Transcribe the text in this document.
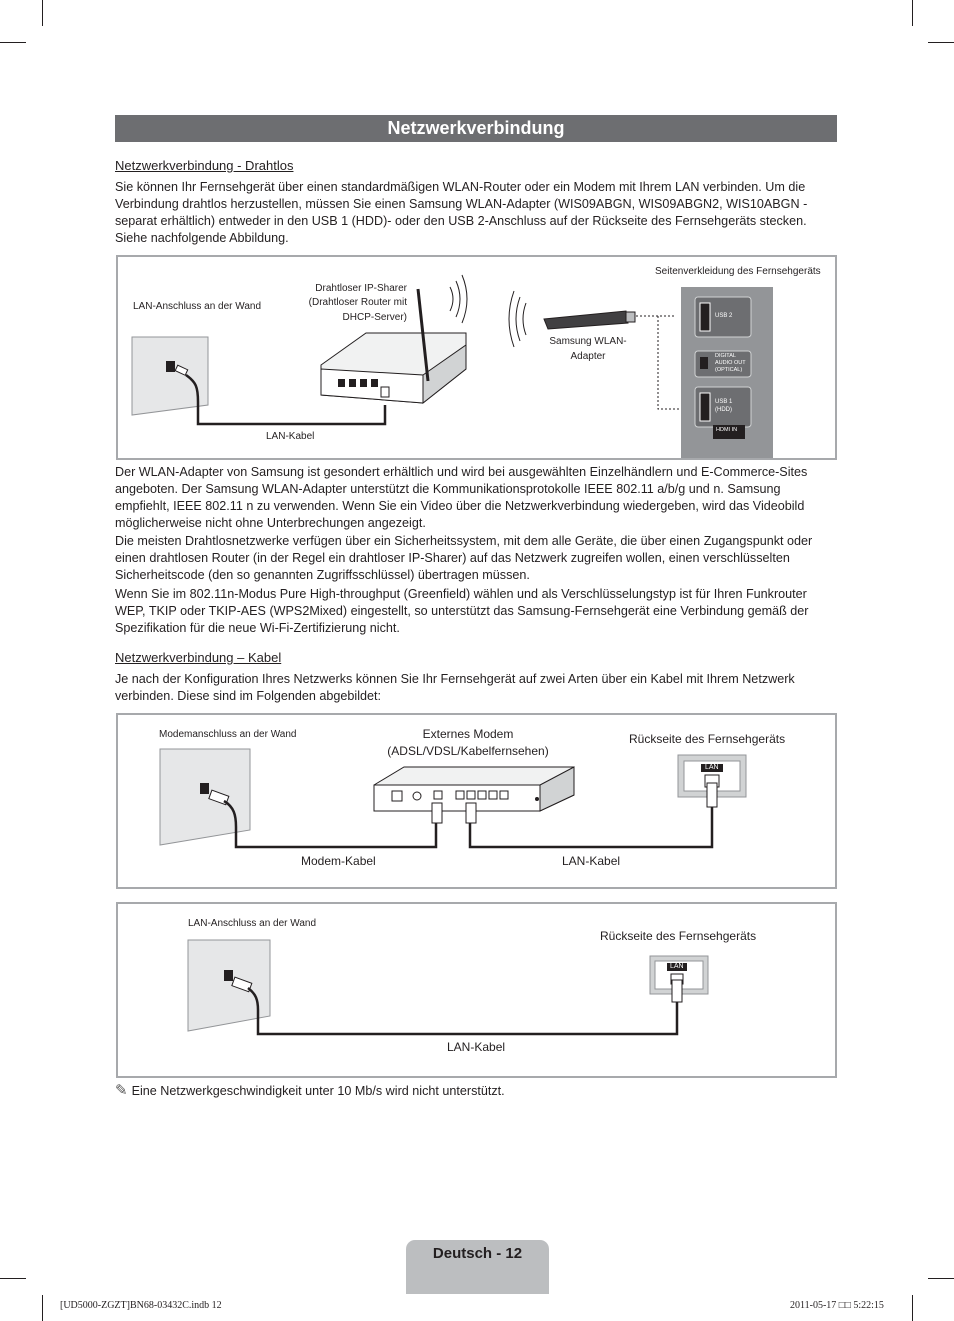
Netzwerkverbindung
Netzwerkverbindung - Drahtlos

Sie können Ihr Fernsehgerät über einen standardmäßigen WLAN-Router oder ein Modem mit Ihrem LAN verbinden. Um die Verbindung drahtlos herzustellen, müssen Sie einen Samsung WLAN-Adapter (WIS09ABGN, WIS09ABGN2, WIS10ABGN - separat erhältlich) entweder in den USB 1 (HDD)- oder den USB 2-Anschluss auf der Rückseite des Fernsehgeräts stecken. Siehe nachfolgende Abbildung.

Seitenverkleidung des Fernsehgeräts
LAN-Anschluss an der Wand
Drahtloser IP-Sharer
(Drahtloser Router mit
DHCP-Server)
Samsung WLAN-
Adapter
LAN-Kabel
USB 2
DIGITAL
AUDIO OUT
(OPTICAL)
USB 1
(HDD)
HDMI IN

Der WLAN-Adapter von Samsung ist gesondert erhältlich und wird bei ausgewählten Einzelhändlern und E-Commerce-Sites angeboten. Der Samsung WLAN-Adapter unterstützt die Kommunikationsprotokolle IEEE 802.11 a/b/g und n. Samsung empfiehlt, IEEE 802.11 n zu verwenden. Wenn Sie ein Video über die Netzwerkverbindung wiedergeben, wird das Videobild möglicherweise nicht ohne Unterbrechungen angezeigt.

Die meisten Drahtlosnetzwerke verfügen über ein Sicherheitssystem, mit dem alle Geräte, die über einen Zugangspunkt oder einen drahtlosen Router (in der Regel ein drahtloser IP-Sharer) auf das Netzwerk zugreifen wollen, einen verschlüsselten Sicherheitscode (den so genannten Zugriffsschlüssel) übertragen müssen.

Wenn Sie im 802.11n-Modus Pure High-throughput (Greenfield) wählen und als Verschlüsselungstyp ist für Ihren Funkrouter WEP, TKIP oder TKIP-AES (WPS2Mixed) eingestellt, so unterstützt das Samsung-Fernsehgerät eine Verbindung gemäß der Spezifikation für die neue Wi-Fi-Zertifizierung nicht.

Netzwerkverbindung – Kabel

Je nach der Konfiguration Ihres Netzwerks können Sie Ihr Fernsehgerät auf zwei Arten über ein Kabel mit Ihrem Netzwerk verbinden. Diese sind im Folgenden abgebildet:

Modemanschluss an der Wand	Externes Modem
(ADSL/VDSL/Kabelfernsehen)
Rückseite des Fernsehgeräts
Modem-Kabel	LAN-Kabel
LAN
LAN-Anschluss an der Wand
Rückseite des Fernsehgeräts
LAN-Kabel
LAN
✎ Eine Netzwerkgeschwindigkeit unter 10 Mb/s wird nicht unterstützt.
Deutsch - 12
[UD5000-ZGZT]BN68-03432C.indb 12	2011-05-17 □□ 5:22:15
